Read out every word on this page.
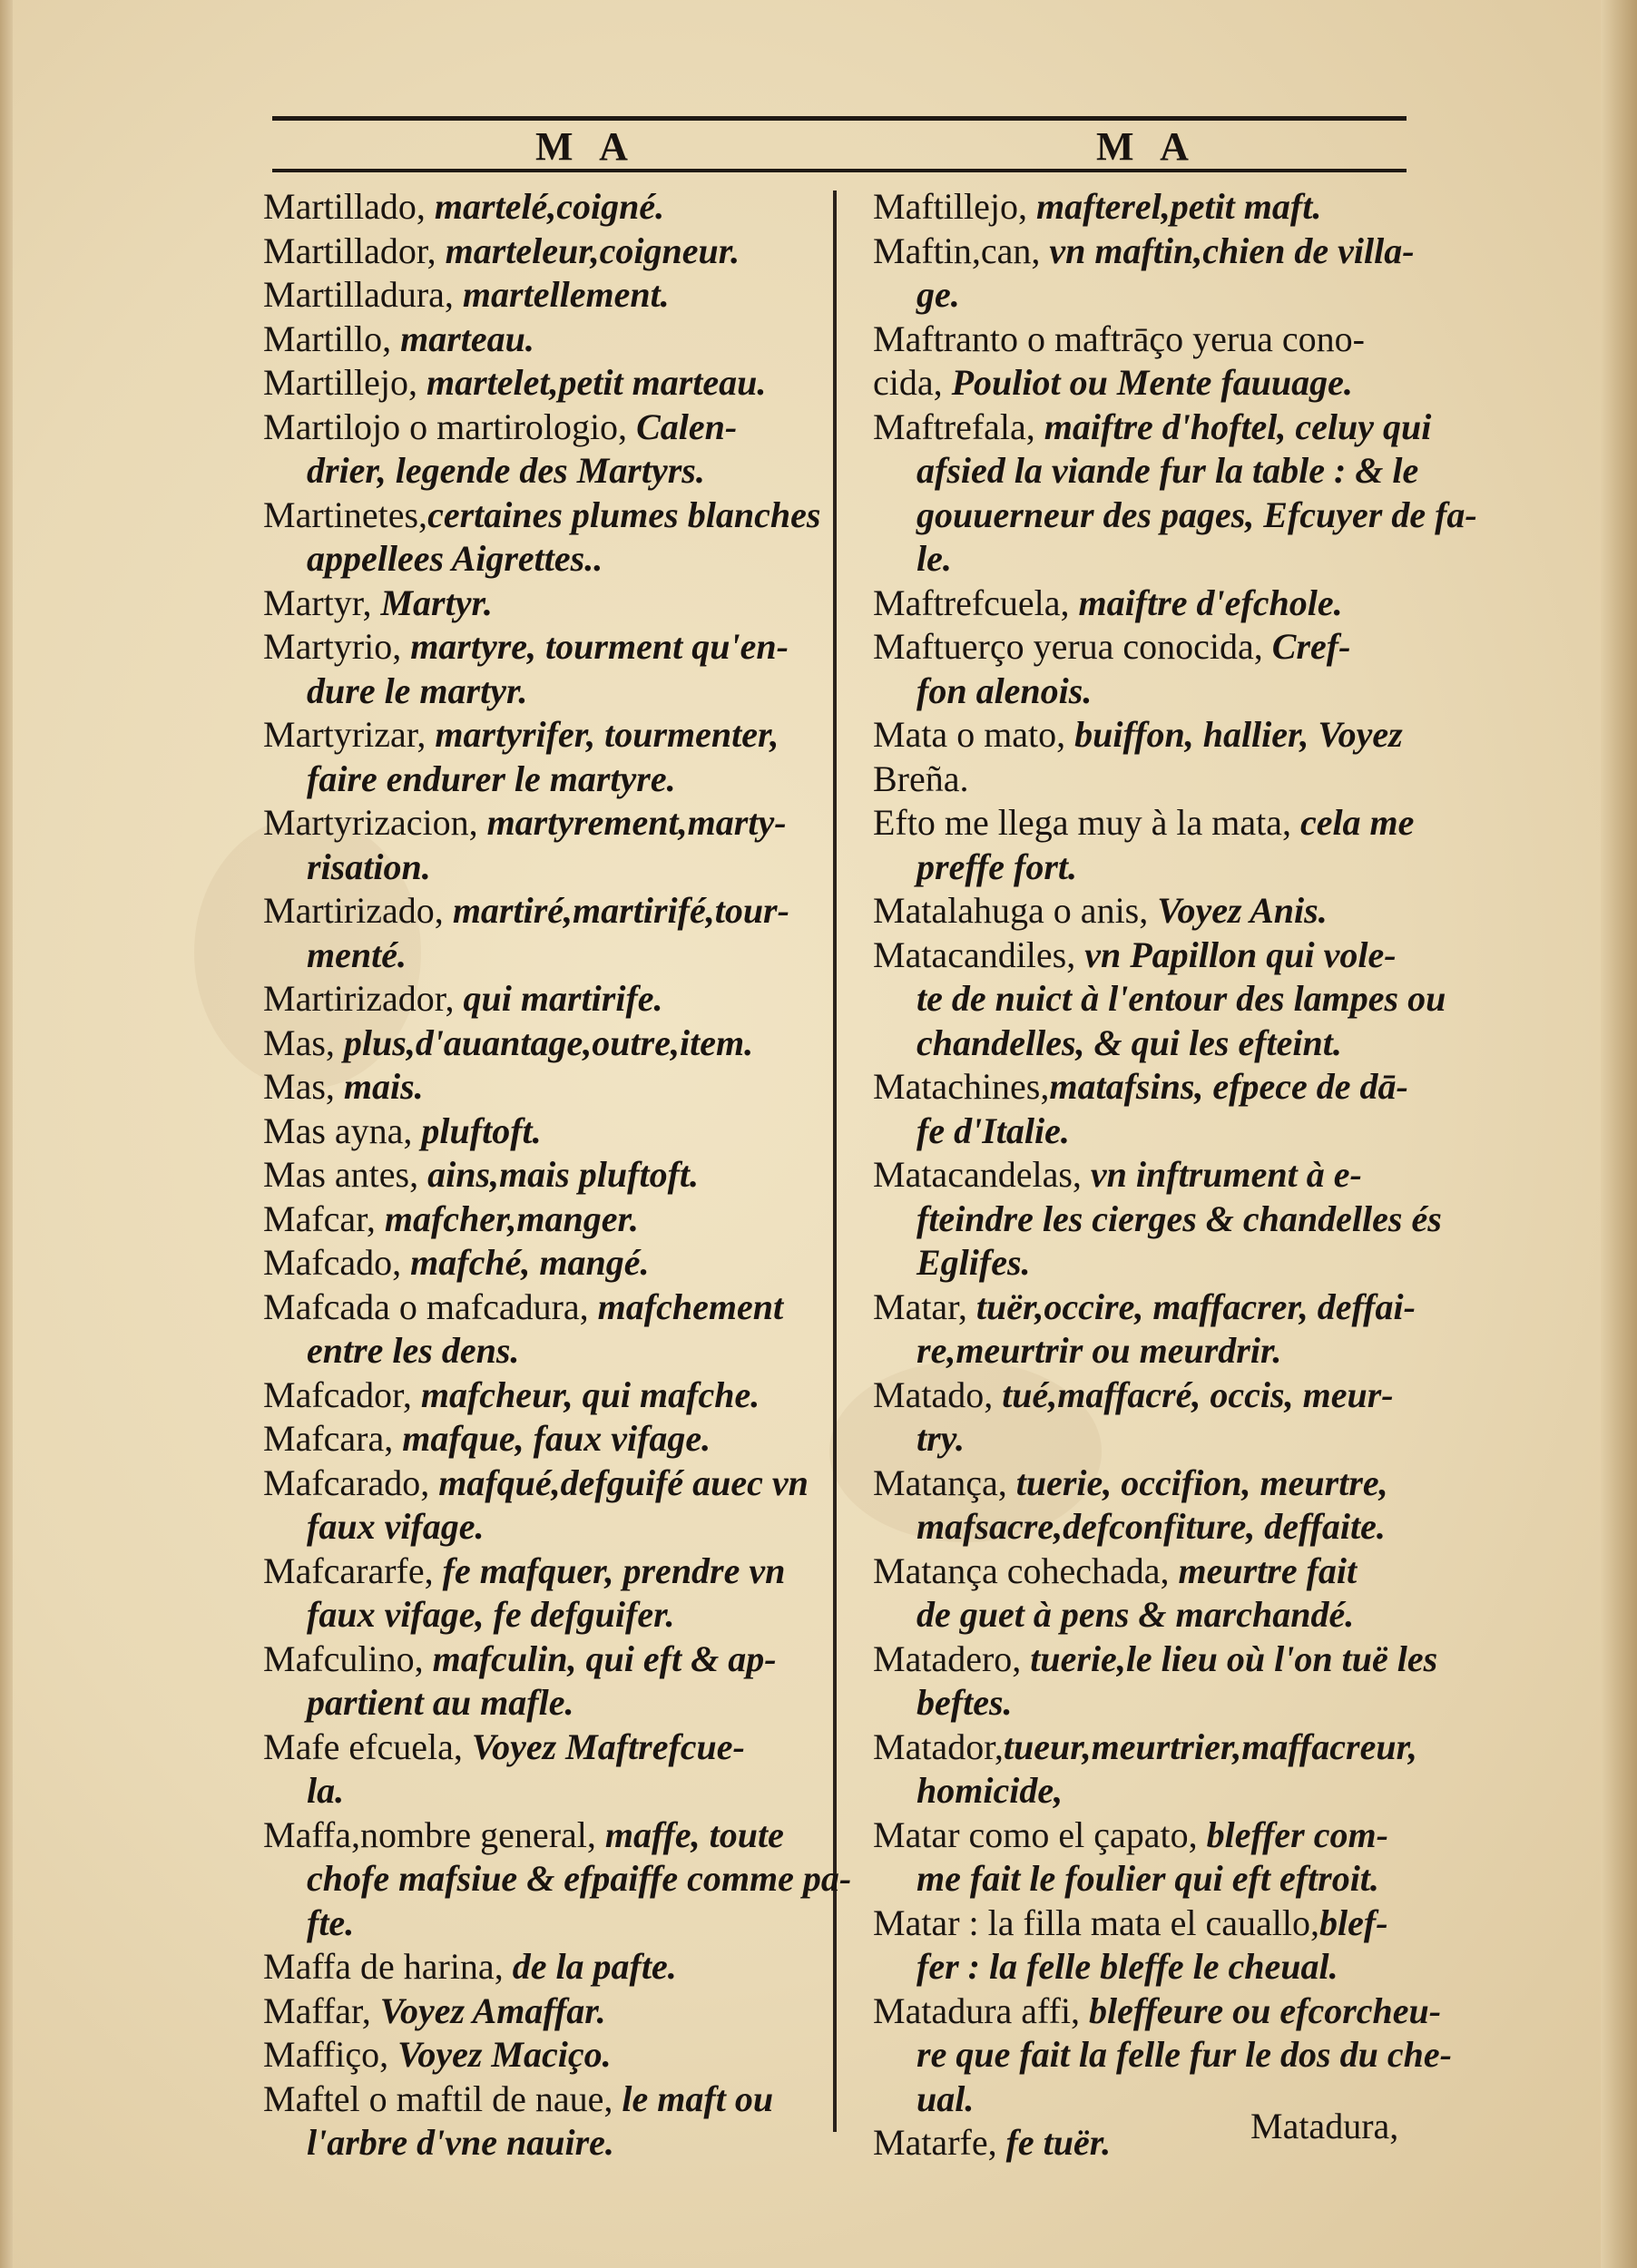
M A	M A
Martillado, martelé,coigné.
Martillador, marteleur,coigneur.
Martilladura, martellement.
Martillo, marteau.
Martillejo, martelet,petit marteau.
Martilojo o martirologio, Calen-
drier, legende des Martyrs.
Martinetes,certaines plumes blanches
appellees Aigrettes..
Martyr, Martyr.
Martyrio, martyre, tourment qu'en-
dure le martyr.
Martyrizar, martyrifer, tourmenter,
faire endurer le martyre.
Martyrizacion, martyrement,marty-
risation.
Martirizado, martiré,martirifé,tour-
menté.
Martirizador, qui martirife.
Mas, plus,d'auantage,outre,item.
Mas, mais.
Mas ayna, pluftoft.
Mas antes, ains,mais pluftoft.
Mafcar, mafcher,manger.
Mafcado, mafché, mangé.
Mafcada o mafcadura, mafchement
entre les dens.
Mafcador, mafcheur, qui mafche.
Mafcara, mafque, faux vifage.
Mafcarado, mafqué,defguifé auec vn
faux vifage.
Mafcararfe, fe mafquer, prendre vn
faux vifage, fe defguifer.
Mafculino, mafculin, qui eft & ap-
partient au mafle.
Mafe efcuela, Voyez Maftrefcue-
la.
Maffa,nombre general, maffe, toute
chofe mafsiue & efpaiffe comme pa-
fte.
Maffa de harina, de la pafte.
Maffar, Voyez Amaffar.
Maffiço, Voyez Maciço.
Maftel o maftil de naue, le maft ou
l'arbre d'vne nauire.
Maftillejo, mafterel,petit maft.
Maftin,can, vn maftin,chien de villa-
ge.
Maftranto o maftrāço yerua cono-
cida, Pouliot ou Mente fauuage.
Maftrefala, maiftre d'hoftel, celuy qui
afsied la viande fur la table : & le
gouuerneur des pages, Efcuyer de fa-
le.
Maftrefcuela, maiftre d'efchole.
Maftuerço yerua conocida, Cref-
fon alenois.
Mata o mato, buiffon, hallier, Voyez
Breña.
Efto me llega muy à la mata, cela me
preffe fort.
Matalahuga o anis, Voyez Anis.
Matacandiles, vn Papillon qui vole-
te de nuict à l'entour des lampes ou
chandelles, & qui les efteint.
Matachines,matafsins, efpece de dā-
fe d'Italie.
Matacandelas, vn inftrument à e-
fteindre les cierges & chandelles és
Eglifes.
Matar, tuër,occire, maffacrer, deffai-
re,meurtrir ou meurdrir.
Matado, tué,maffacré, occis, meur-
try.
Matança, tuerie, occifion, meurtre,
mafsacre,defconfiture, deffaite.
Matança cohechada, meurtre fait
de guet à pens & marchandé.
Matadero, tuerie,le lieu où l'on tuë les
beftes.
Matador,tueur,meurtrier,maffacreur,
homicide,
Matar como el çapato, bleffer com-
me fait le foulier qui eft eftroit.
Matar : la filla mata el cauallo,blef-
fer : la felle bleffe le cheual.
Matadura affi, bleffeure ou efcorcheu-
re que fait la felle fur le dos du che-
ual.
Matarfe, fe tuër.	Matadura,
